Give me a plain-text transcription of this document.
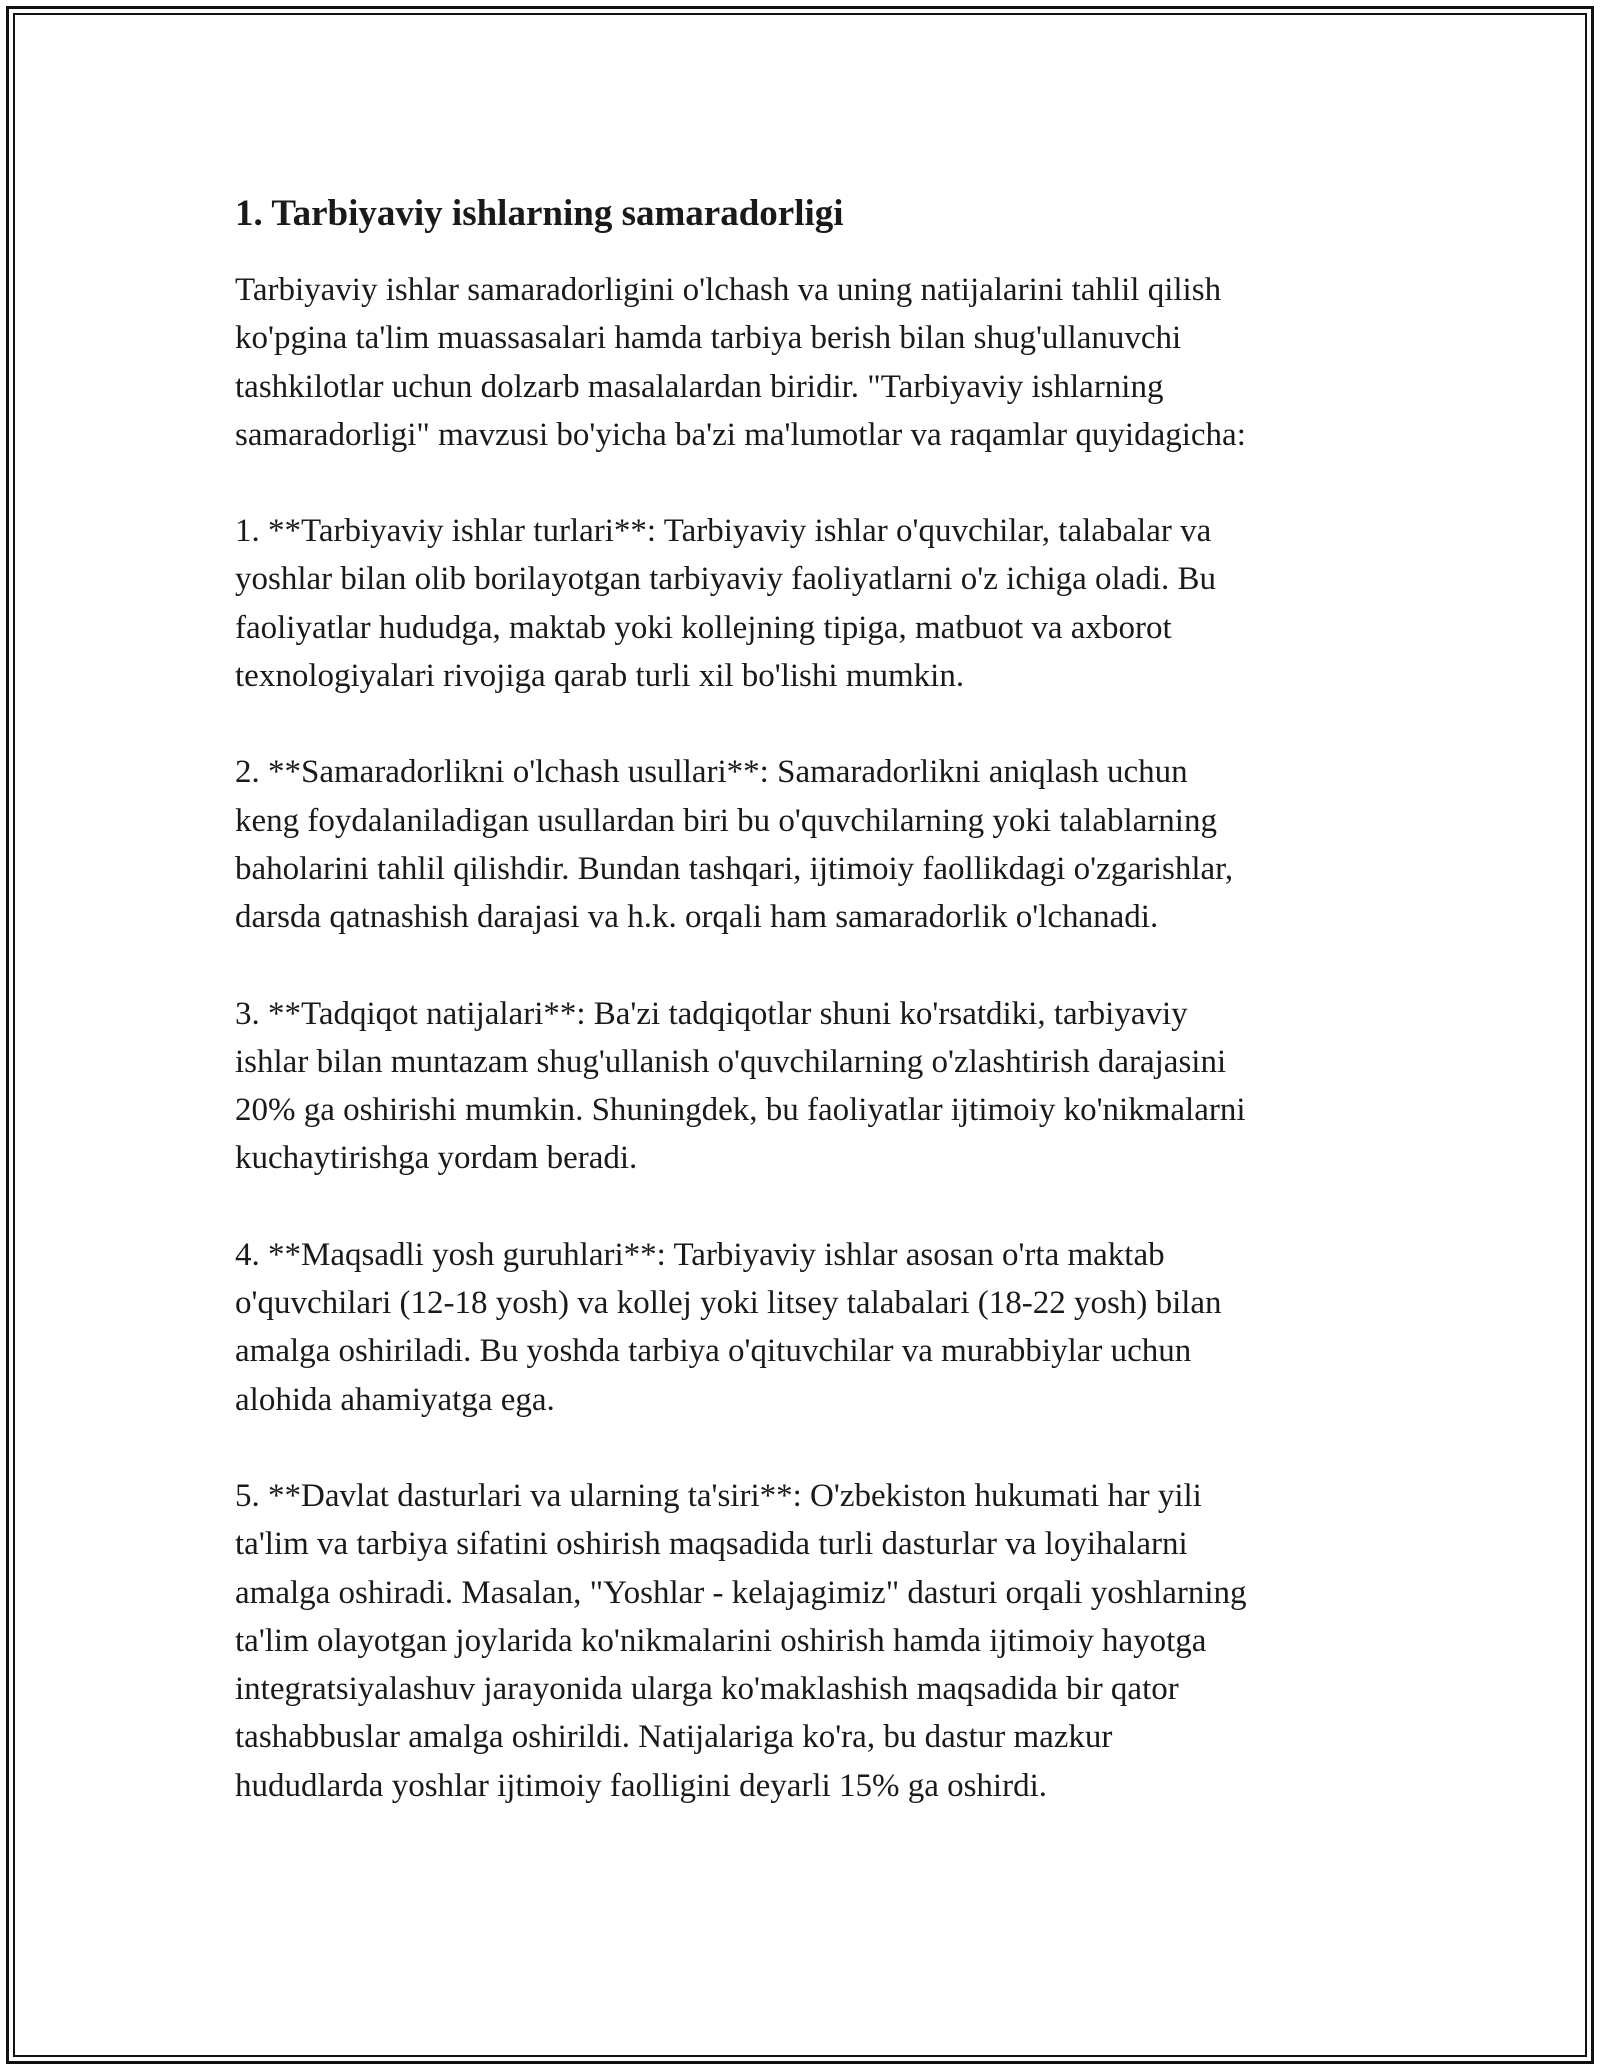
1. Tarbiyaviy ishlarning samaradorligi

Tarbiyaviy ishlar samaradorligini o'lchash va uning natijalarini tahlil qilish
ko'pgina ta'lim muassasalari hamda tarbiya berish bilan shug'ullanuvchi
tashkilotlar uchun dolzarb masalalardan biridir. "Tarbiyaviy ishlarning
samaradorligi" mavzusi bo'yicha ba'zi ma'lumotlar va raqamlar quyidagicha:

1. **Tarbiyaviy ishlar turlari**: Tarbiyaviy ishlar o'quvchilar, talabalar va
yoshlar bilan olib borilayotgan tarbiyaviy faoliyatlarni o'z ichiga oladi. Bu
faoliyatlar hududga, maktab yoki kollejning tipiga, matbuot va axborot
texnologiyalari rivojiga qarab turli xil bo'lishi mumkin.

2. **Samaradorlikni o'lchash usullari**: Samaradorlikni aniqlash uchun
keng foydalaniladigan usullardan biri bu o'quvchilarning yoki talablarning
baholarini tahlil qilishdir. Bundan tashqari, ijtimoiy faollikdagi o'zgarishlar,
darsda qatnashish darajasi va h.k. orqali ham samaradorlik o'lchanadi.

3. **Tadqiqot natijalari**: Ba'zi tadqiqotlar shuni ko'rsatdiki, tarbiyaviy
ishlar bilan muntazam shug'ullanish o'quvchilarning o'zlashtirish darajasini
20% ga oshirishi mumkin. Shuningdek, bu faoliyatlar ijtimoiy ko'nikmalarni
kuchaytirishga yordam beradi.

4. **Maqsadli yosh guruhlari**: Tarbiyaviy ishlar asosan o'rta maktab
o'quvchilari (12-18 yosh) va kollej yoki litsey talabalari (18-22 yosh) bilan
amalga oshiriladi. Bu yoshda tarbiya o'qituvchilar va murabbiylar uchun
alohida ahamiyatga ega.

5. **Davlat dasturlari va ularning ta'siri**: O'zbekiston hukumati har yili
ta'lim va tarbiya sifatini oshirish maqsadida turli dasturlar va loyihalarni
amalga oshiradi. Masalan, "Yoshlar - kelajagimiz" dasturi orqali yoshlarning
ta'lim olayotgan joylarida ko'nikmalarini oshirish hamda ijtimoiy hayotga
integratsiyalashuv jarayonida ularga ko'maklashish maqsadida bir qator
tashabbuslar amalga oshirildi. Natijalariga ko'ra, bu dastur mazkur
hududlarda yoshlar ijtimoiy faolligini deyarli 15% ga oshirdi.
